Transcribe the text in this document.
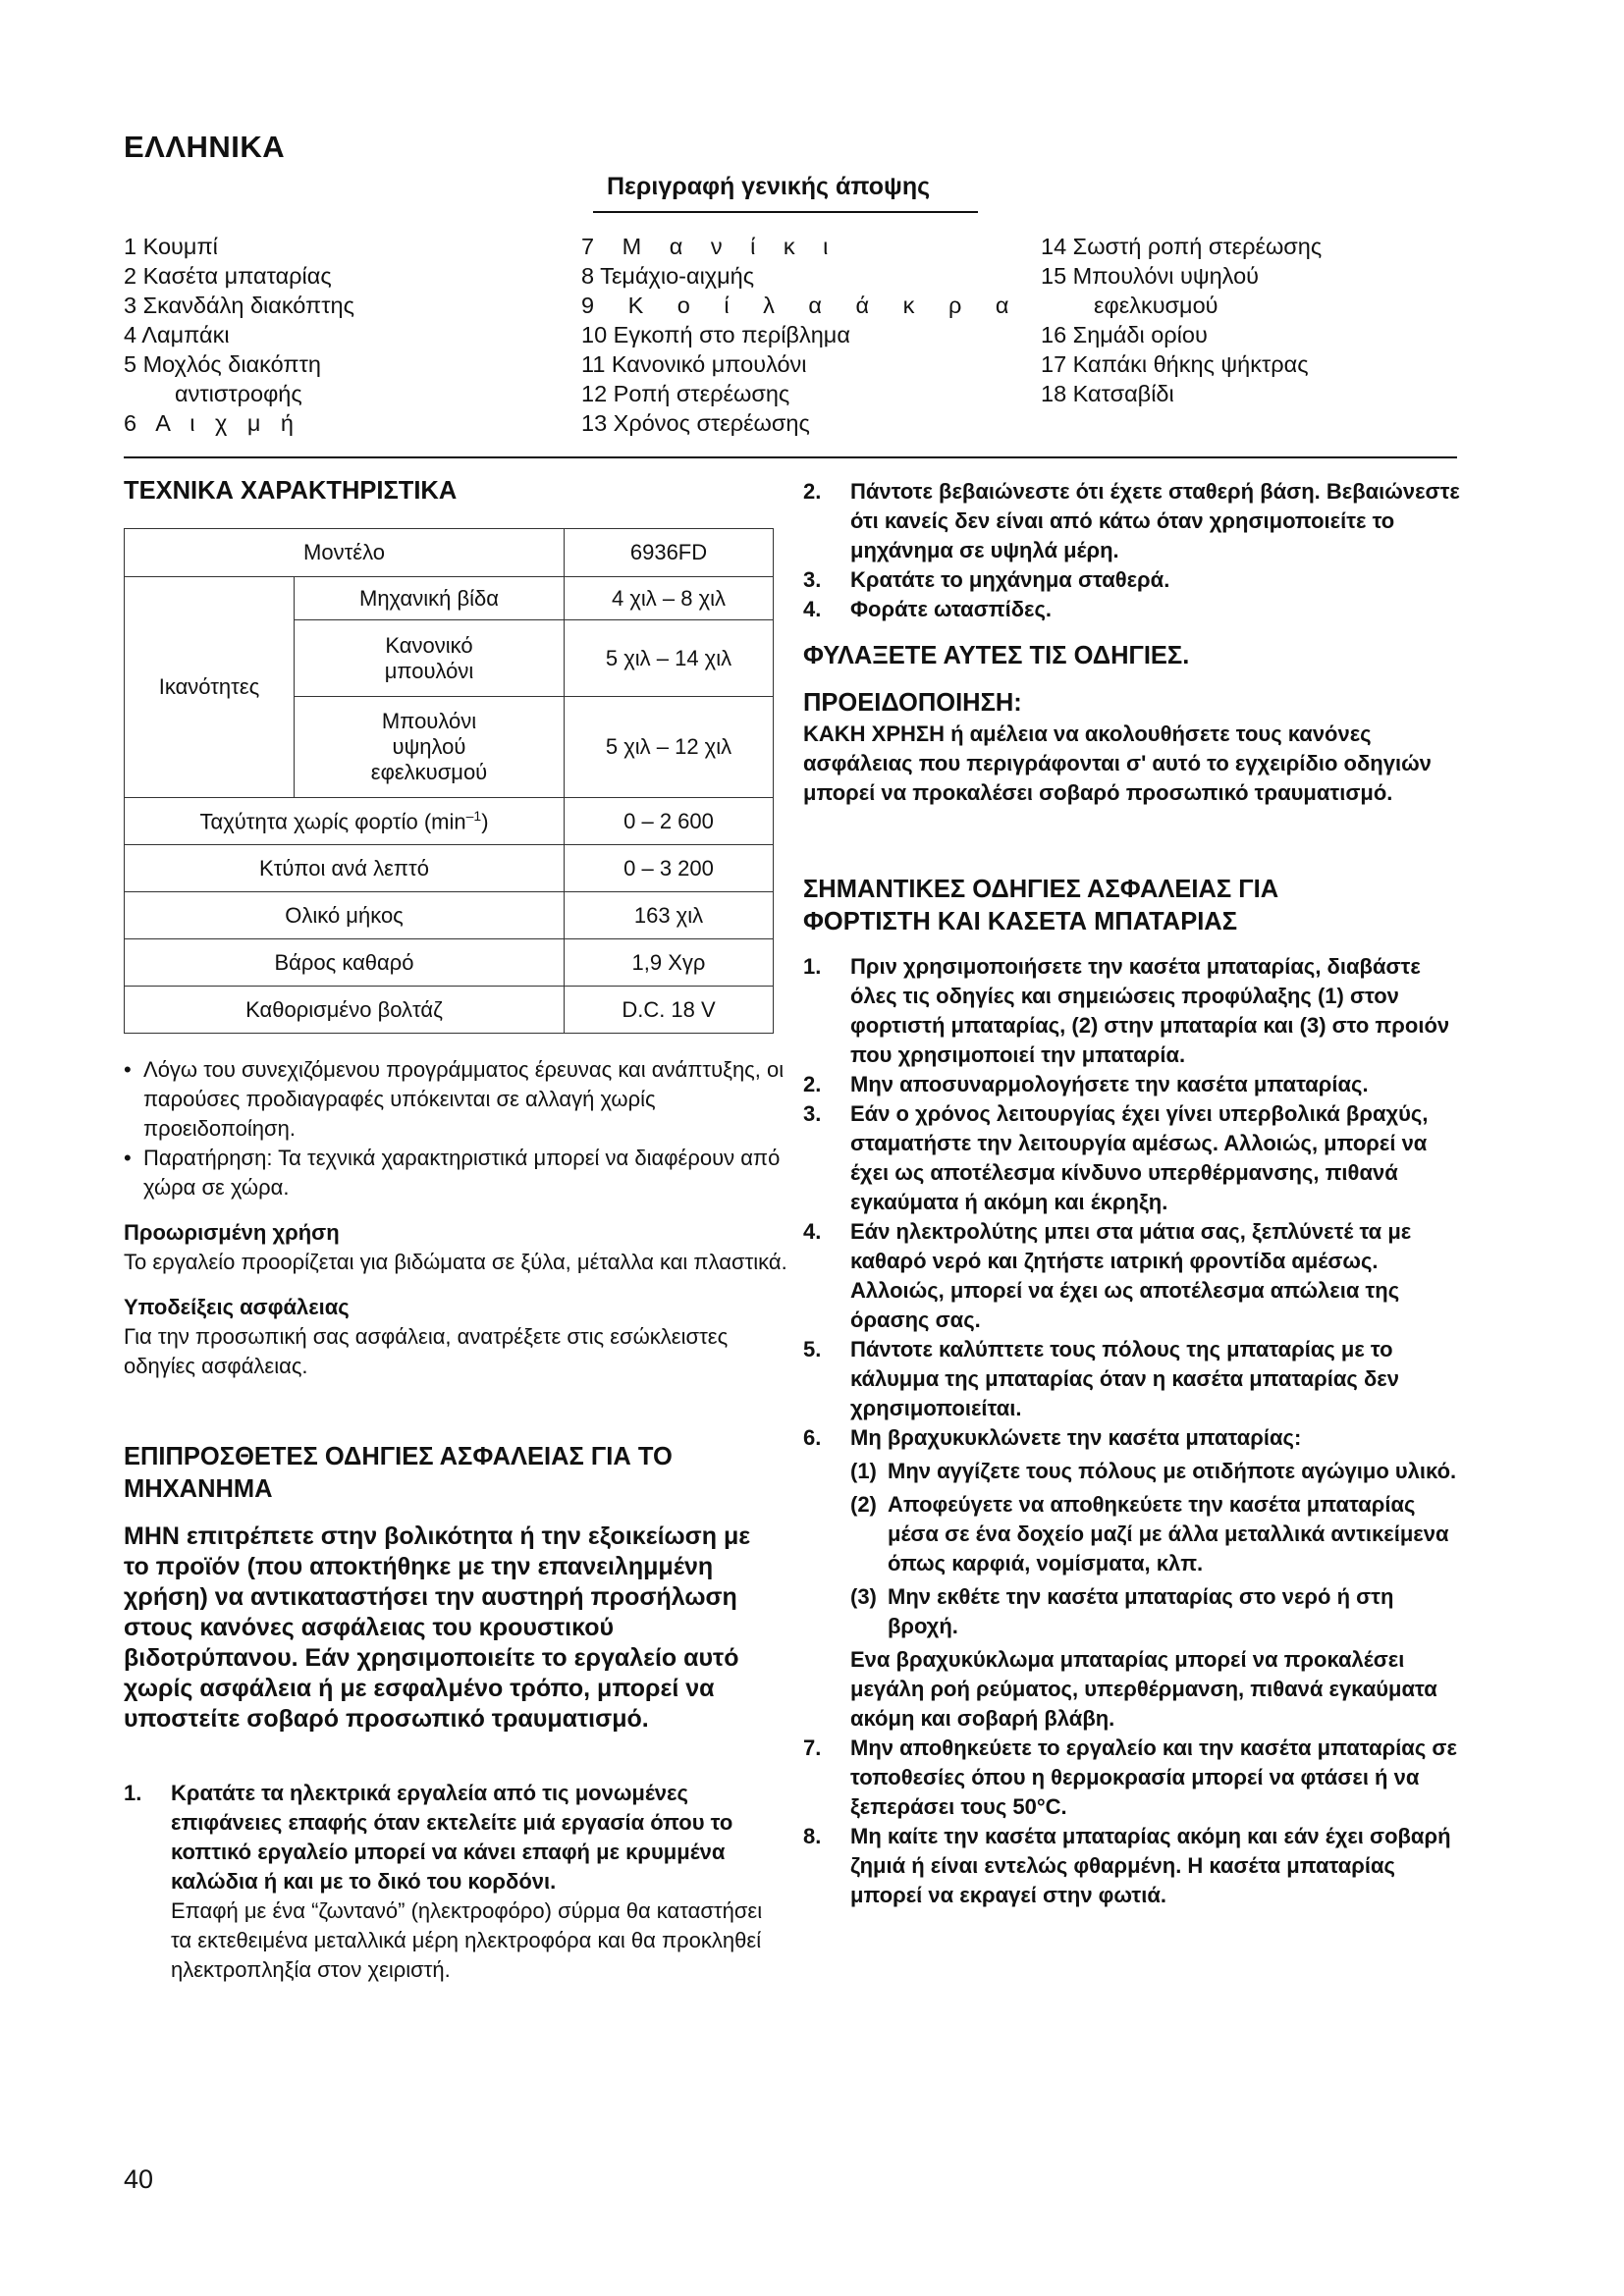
ΕΛΛΗΝΙΚΑ
Περιγραφή γενικής άποψης
1 Κουμπί
2 Κασέτα μπαταρίας
3 Σκανδάλη διακόπτης
4 Λαμπάκι
5 Μοχλός διακόπτη
αντιστροφής
6 Α ι χ μ ή
7 Μ α ν ί κ ι
8 Τεμάχιο-αιχμής
9 Κ ο ί λ α ά κ ρ α
10 Εγκοπή στο περίβλημα
11 Κανονικό μπουλόνι
12 Ροπή στερέωσης
13 Χρόνος στερέωσης
14 Σωστή ροπή στερέωσης
15 Μπουλόνι υψηλού
εφελκυσμού
16 Σημάδι ορίου
17 Καπάκι θήκης ψήκτρας
18 Κατσαβίδι
ΤΕΧΝΙΚΑ ΧΑΡΑΚΤΗΡΙΣΤΙΚΑ
Μοντέλο		6936FD
Ικανότητες	Μηχανική βίδα	4 χιλ – 8 χιλ
	Κανονικό
μπουλόνι	5 χιλ – 14 χιλ
	Μπουλόνι
υψηλού
εφελκυσμού	5 χιλ – 12 χιλ
Ταχύτητα χωρίς φορτίο $(\min^{-1})$		0 – 2 600
Κτύποι ανά λεπτό		0 – 3 200
Ολικό μήκος		163 χιλ
Βάρος καθαρό		1,9 Χγρ
Καθορισμένο βολτάζ		D.C. 18 V
• Λόγω του συνεχιζόμενου προγράμματος έρευνας και ανάπτυξης, οι παρούσες προδιαγραφές υπόκεινται σε αλλαγή χωρίς προειδοποίηση.
• Παρατήρηση: Τα τεχνικά χαρακτηριστικά μπορεί να διαφέρουν από χώρα σε χώρα.
Προωρισμένη χρήση
Το εργαλείο προορίζεται για βιδώματα σε ξύλα, μέταλλα και πλαστικά.
Υποδείξεις ασφάλειας
Για την προσωπική σας ασφάλεια, ανατρέξετε στις εσώκλειστες οδηγίες ασφάλειας.
ΕΠΙΠΡΟΣΘΕΤΕΣ ΟΔΗΓΙΕΣ ΑΣΦΑΛΕΙΑΣ ΓΙΑ ΤΟ ΜΗΧΑΝΗΜΑ
ΜΗΝ επιτρέπετε στην βολικότητα ή την εξοικείωση με το προϊόν (που αποκτήθηκε με την επανειλημμένη χρήση) να αντικαταστήσει την αυστηρή προσήλωση στους κανόνες ασφάλειας του κρουστικού βιδοτρύπανου. Εάν χρησιμοποιείτε το εργαλείο αυτό χωρίς ασφάλεια ή με εσφαλμένο τρόπο, μπορεί να υποστείτε σοβαρό προσωπικό τραυματισμό.
1. Κρατάτε τα ηλεκτρικά εργαλεία από τις μονωμένες επιφάνειες επαφής όταν εκτελείτε μιά εργασία όπου το κοπτικό εργαλείο μπορεί να κάνει επαφή με κρυμμένα καλώδια ή και με το δικό του κορδόνι.
Επαφή με ένα “ζωντανό” (ηλεκτροφόρο) σύρμα θα καταστήσει τα εκτεθειμένα μεταλλικά μέρη ηλεκτροφόρα και θα προκληθεί ηλεκτροπληξία στον χειριστή.
2. Πάντοτε βεβαιώνεστε ότι έχετε σταθερή βάση. Βεβαιώνεστε ότι κανείς δεν είναι από κάτω όταν χρησιμοποιείτε το μηχάνημα σε υψηλά μέρη.
3. Κρατάτε το μηχάνημα σταθερά.
4. Φοράτε ωτασπίδες.
ΦΥΛΑΞΕΤΕ ΑΥΤΕΣ ΤΙΣ ΟΔΗΓΙΕΣ.
ΠΡΟΕΙΔΟΠΟΙΗΣΗ:
ΚΑΚΗ ΧΡΗΣΗ ή αμέλεια να ακολουθήσετε τους κανόνες ασφάλειας που περιγράφονται σ' αυτό το εγχειρίδιο οδηγιών μπορεί να προκαλέσει σοβαρό προσωπικό τραυματισμό.
ΣΗΜΑΝΤΙΚΕΣ ΟΔΗΓΙΕΣ ΑΣΦΑΛΕΙΑΣ ΓΙΑ ΦΟΡΤΙΣΤΗ ΚΑΙ ΚΑΣΕΤΑ ΜΠΑΤΑΡΙΑΣ
1. Πριν χρησιμοποιήσετε την κασέτα μπαταρίας, διαβάστε όλες τις οδηγίες και σημειώσεις προφύλαξης (1) στον φορτιστή μπαταρίας, (2) στην μπαταρία και (3) στο προιόν που χρησιμοποιεί την μπαταρία.
2. Μην αποσυναρμολογήσετε την κασέτα μπαταρίας.
3. Εάν ο χρόνος λειτουργίας έχει γίνει υπερβολικά βραχύς, σταματήστε την λειτουργία αμέσως. Αλλοιώς, μπορεί να έχει ως αποτέλεσμα κίνδυνο υπερθέρμανσης, πιθανά εγκαύματα ή ακόμη και έκρηξη.
4. Εάν ηλεκτρολύτης μπει στα μάτια σας, ξεπλύνετέ τα με καθαρό νερό και ζητήστε ιατρική φροντίδα αμέσως. Αλλοιώς, μπορεί να έχει ως αποτέλεσμα απώλεια της όρασης σας.
5. Πάντοτε καλύπτετε τους πόλους της μπαταρίας με το κάλυμμα της μπαταρίας όταν η κασέτα μπαταρίας δεν χρησιμοποιείται.
6. Μη βραχυκυκλώνετε την κασέτα μπαταρίας:
(1) Μην αγγίζετε τους πόλους με οτιδήποτε αγώγιμο υλικό.
(2) Αποφεύγετε να αποθηκεύετε την κασέτα μπαταρίας μέσα σε ένα δοχείο μαζί με άλλα μεταλλικά αντικείμενα όπως καρφιά, νομίσματα, κλπ.
(3) Μην εκθέτε την κασέτα μπαταρίας στο νερό ή στη βροχή.
Ενα βραχυκύκλωμα μπαταρίας μπορεί να προκαλέσει μεγάλη ροή ρεύματος, υπερθέρμανση, πιθανά εγκαύματα ακόμη και σοβαρή βλάβη.
7. Μην αποθηκεύετε το εργαλείο και την κασέτα μπαταρίας σε τοποθεσίες όπου η θερμοκρασία μπορεί να φτάσει ή να ξεπεράσει τους 50°C.
8. Μη καίτε την κασέτα μπαταρίας ακόμη και εάν έχει σοβαρή ζημιά ή είναι εντελώς φθαρμένη. Η κασέτα μπαταρίας μπορεί να εκραγεί στην φωτιά.
40
